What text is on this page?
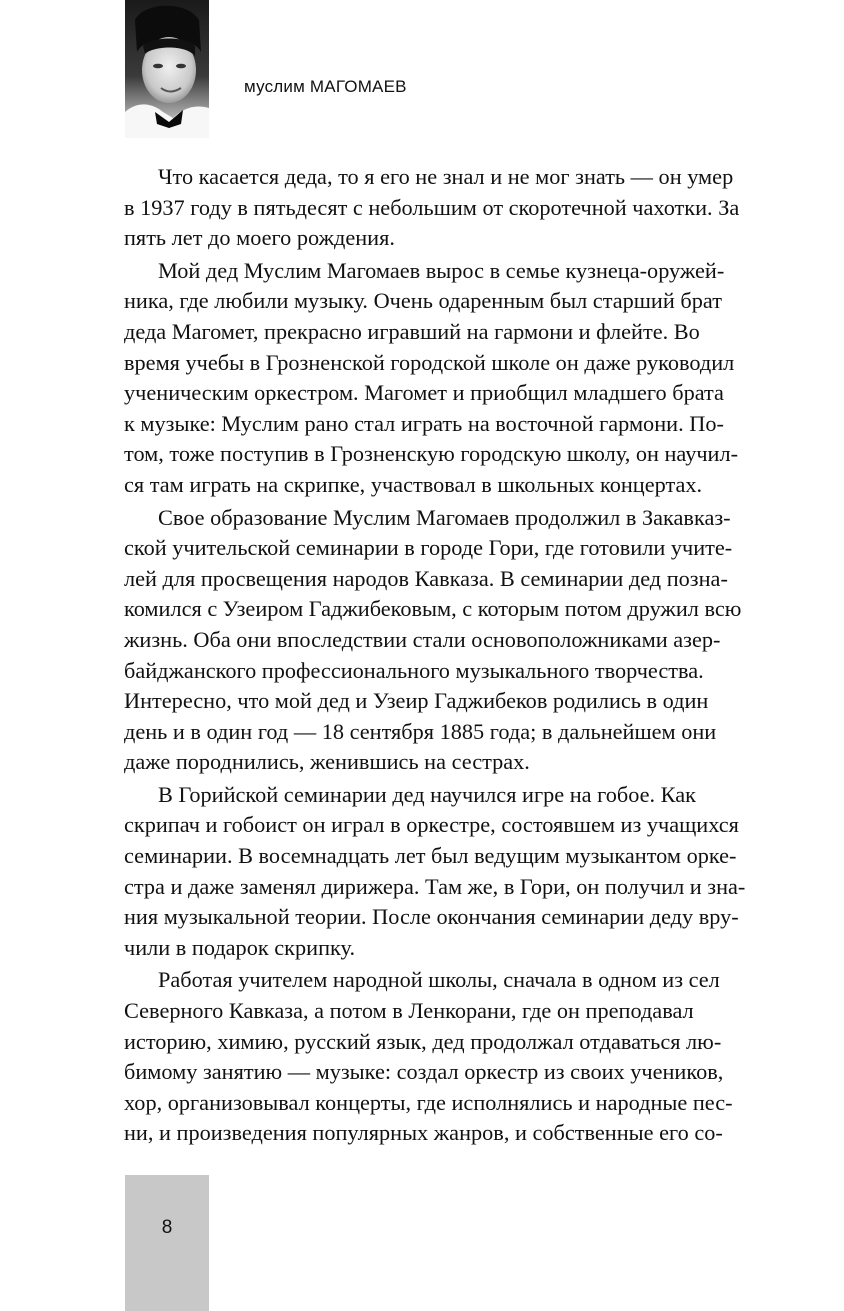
муслим МАГОМАЕВ

Что касается деда, то я его не знал и не мог знать — он умер
в 1937 году в пятьдесят с небольшим от скоротечной чахотки. За
пять лет до моего рождения.

Мой дед Муслим Магомаев вырос в семье кузнеца-оружей-
ника, где любили музыку. Очень одаренным был старший брат
деда Магомет, прекрасно игравший на гармони и флейте. Во
время учебы в Грозненской городской школе он даже руководил
ученическим оркестром. Магомет и приобщил младшего брата
к музыке: Муслим рано стал играть на восточной гармони. По-
том, тоже поступив в Грозненскую городскую школу, он научил-
ся там играть на скрипке, участвовал в школьных концертах.

Свое образование Муслим Магомаев продолжил в Закавказ-
ской учительской семинарии в городе Гори, где готовили учите-
лей для просвещения народов Кавказа. В семинарии дед позна-
комился с Узеиром Гаджибековым, с которым потом дружил всю
жизнь. Оба они впоследствии стали основоположниками азер-
байджанского профессионального музыкального творчества.
Интересно, что мой дед и Узеир Гаджибеков родились в один
день и в один год — 18 сентября 1885 года; в дальнейшем они
даже породнились, женившись на сестрах.

В Горийской семинарии дед научился игре на гобое. Как
скрипач и гобоист он играл в оркестре, состоявшем из учащихся
семинарии. В восемнадцать лет был ведущим музыкантом орке-
стра и даже заменял дирижера. Там же, в Гори, он получил и зна-
ния музыкальной теории. После окончания семинарии деду вру-
чили в подарок скрипку.

Работая учителем народной школы, сначала в одном из сел
Северного Кавказа, а потом в Ленкорани, где он преподавал
историю, химию, русский язык, дед продолжал отдаваться лю-
бимому занятию — музыке: создал оркестр из своих учеников,
хор, организовывал концерты, где исполнялись и народные пес-
ни, и произведения популярных жанров, и собственные его со-

8
